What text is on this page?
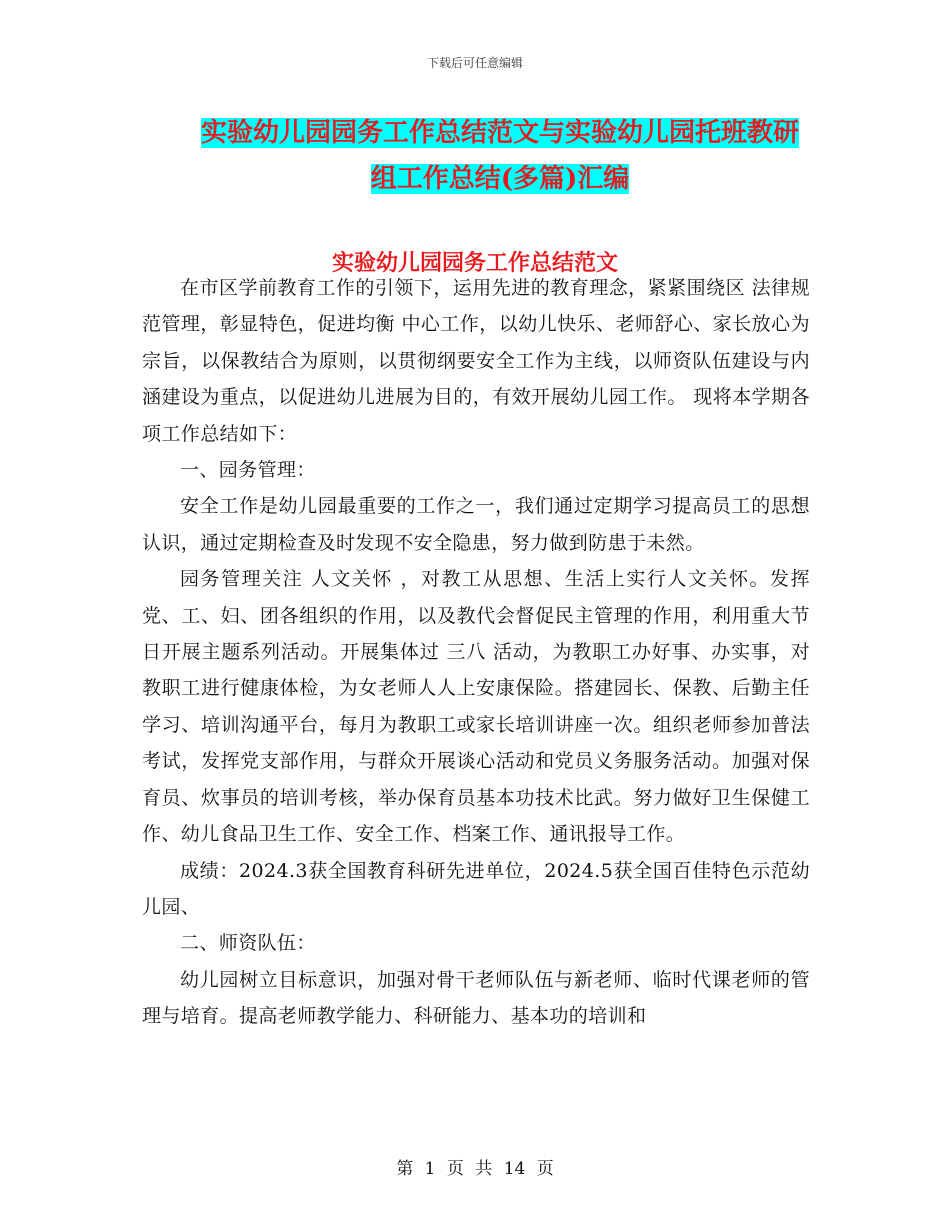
下载后可任意编辑
实验幼儿园园务工作总结范文与实验幼儿园托班教研
组工作总结(多篇)汇编
实验幼儿园园务工作总结范文

在市区学前教育工作的引领下，运用先进的教育理念，紧紧围绕区 法律规范管理，彰显特色，促进均衡 中心工作，以幼儿快乐、老师舒心、家长放心为宗旨，以保教结合为原则，以贯彻纲要安全工作为主线，以师资队伍建设与内涵建设为重点，以促进幼儿进展为目的，有效开展幼儿园工作。 现将本学期各项工作总结如下：

一、园务管理：

安全工作是幼儿园最重要的工作之一，我们通过定期学习提高员工的思想认识，通过定期检查及时发现不安全隐患，努力做到防患于未然。

园务管理关注 人文关怀 ，对教工从思想、生活上实行人文关怀。发挥党、工、妇、团各组织的作用，以及教代会督促民主管理的作用，利用重大节日开展主题系列活动。开展集体过 三八 活动，为教职工办好事、办实事，对教职工进行健康体检，为女老师人人上安康保险。搭建园长、保教、后勤主任学习、培训沟通平台，每月为教职工或家长培训讲座一次。组织老师参加普法考试，发挥党支部作用，与群众开展谈心活动和党员义务服务活动。加强对保育员、炊事员的培训考核，举办保育员基本功技术比武。努力做好卫生保健工作、幼儿食品卫生工作、安全工作、档案工作、通讯报导工作。

成绩：2024.3获全国教育科研先进单位，2024.5获全国百佳特色示范幼儿园、

二、师资队伍：

幼儿园树立目标意识，加强对骨干老师队伍与新老师、临时代课老师的管理与培育。提高老师教学能力、科研能力、基本功的培训和

第 1 页 共 14 页
